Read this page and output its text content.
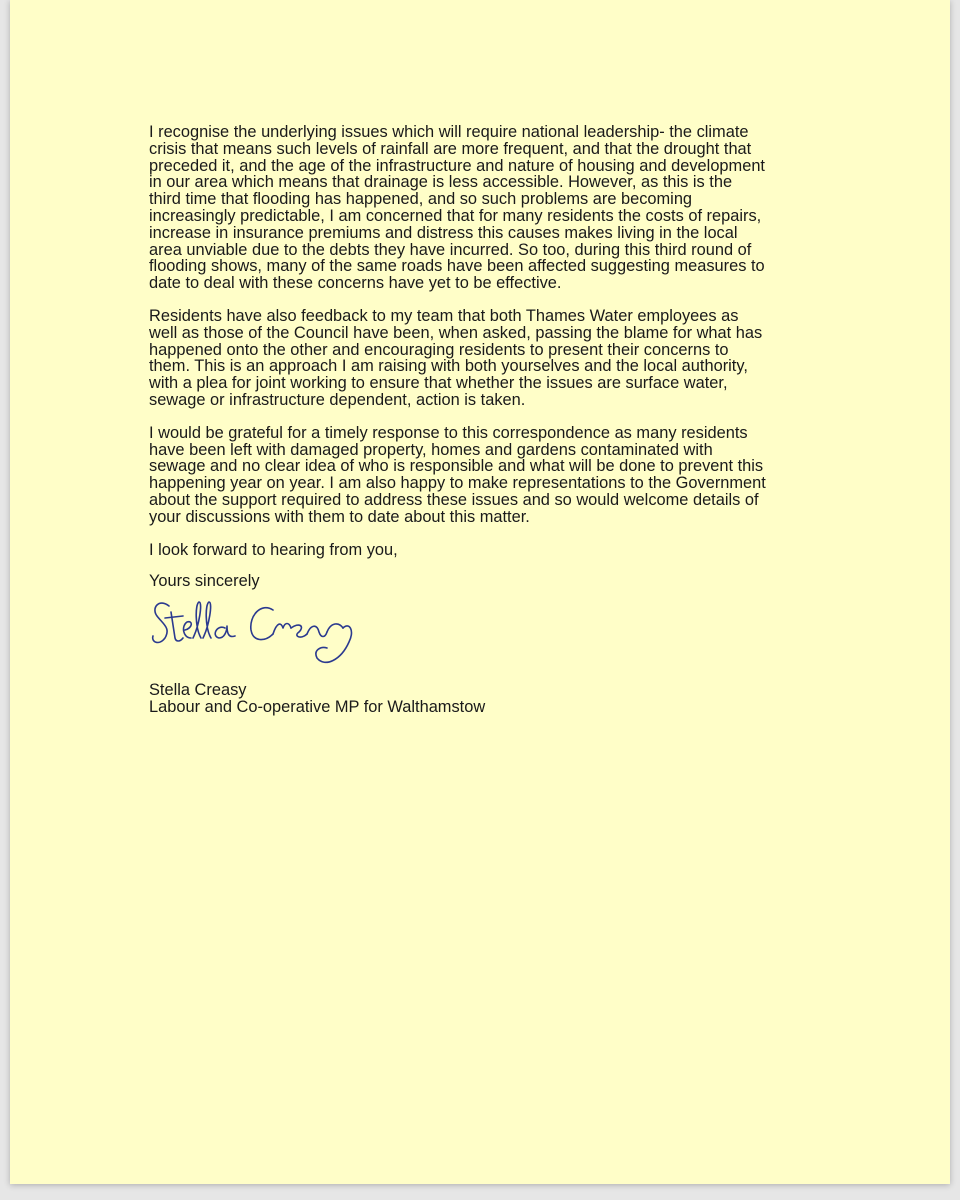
I recognise the underlying issues which will require national leadership- the climate
crisis that means such levels of rainfall are more frequent, and that the drought that
preceded it, and the age of the infrastructure and nature of housing and development
in our area which means that drainage is less accessible. However, as this is the
third time that flooding has happened, and so such problems are becoming
increasingly predictable, I am concerned that for many residents the costs of repairs,
increase in insurance premiums and distress this causes makes living in the local
area unviable due to the debts they have incurred. So too, during this third round of
flooding shows, many of the same roads have been affected suggesting measures to
date to deal with these concerns have yet to be effective.

Residents have also feedback to my team that both Thames Water employees as
well as those of the Council have been, when asked, passing the blame for what has
happened onto the other and encouraging residents to present their concerns to
them. This is an approach I am raising with both yourselves and the local authority,
with a plea for joint working to ensure that whether the issues are surface water,
sewage or infrastructure dependent, action is taken.

I would be grateful for a timely response to this correspondence as many residents
have been left with damaged property, homes and gardens contaminated with
sewage and no clear idea of who is responsible and what will be done to prevent this
happening year on year. I am also happy to make representations to the Government
about the support required to address these issues and so would welcome details of
your discussions with them to date about this matter.

I look forward to hearing from you,

Yours sincerely

Stella Creasy

Labour and Co-operative MP for Walthamstow
